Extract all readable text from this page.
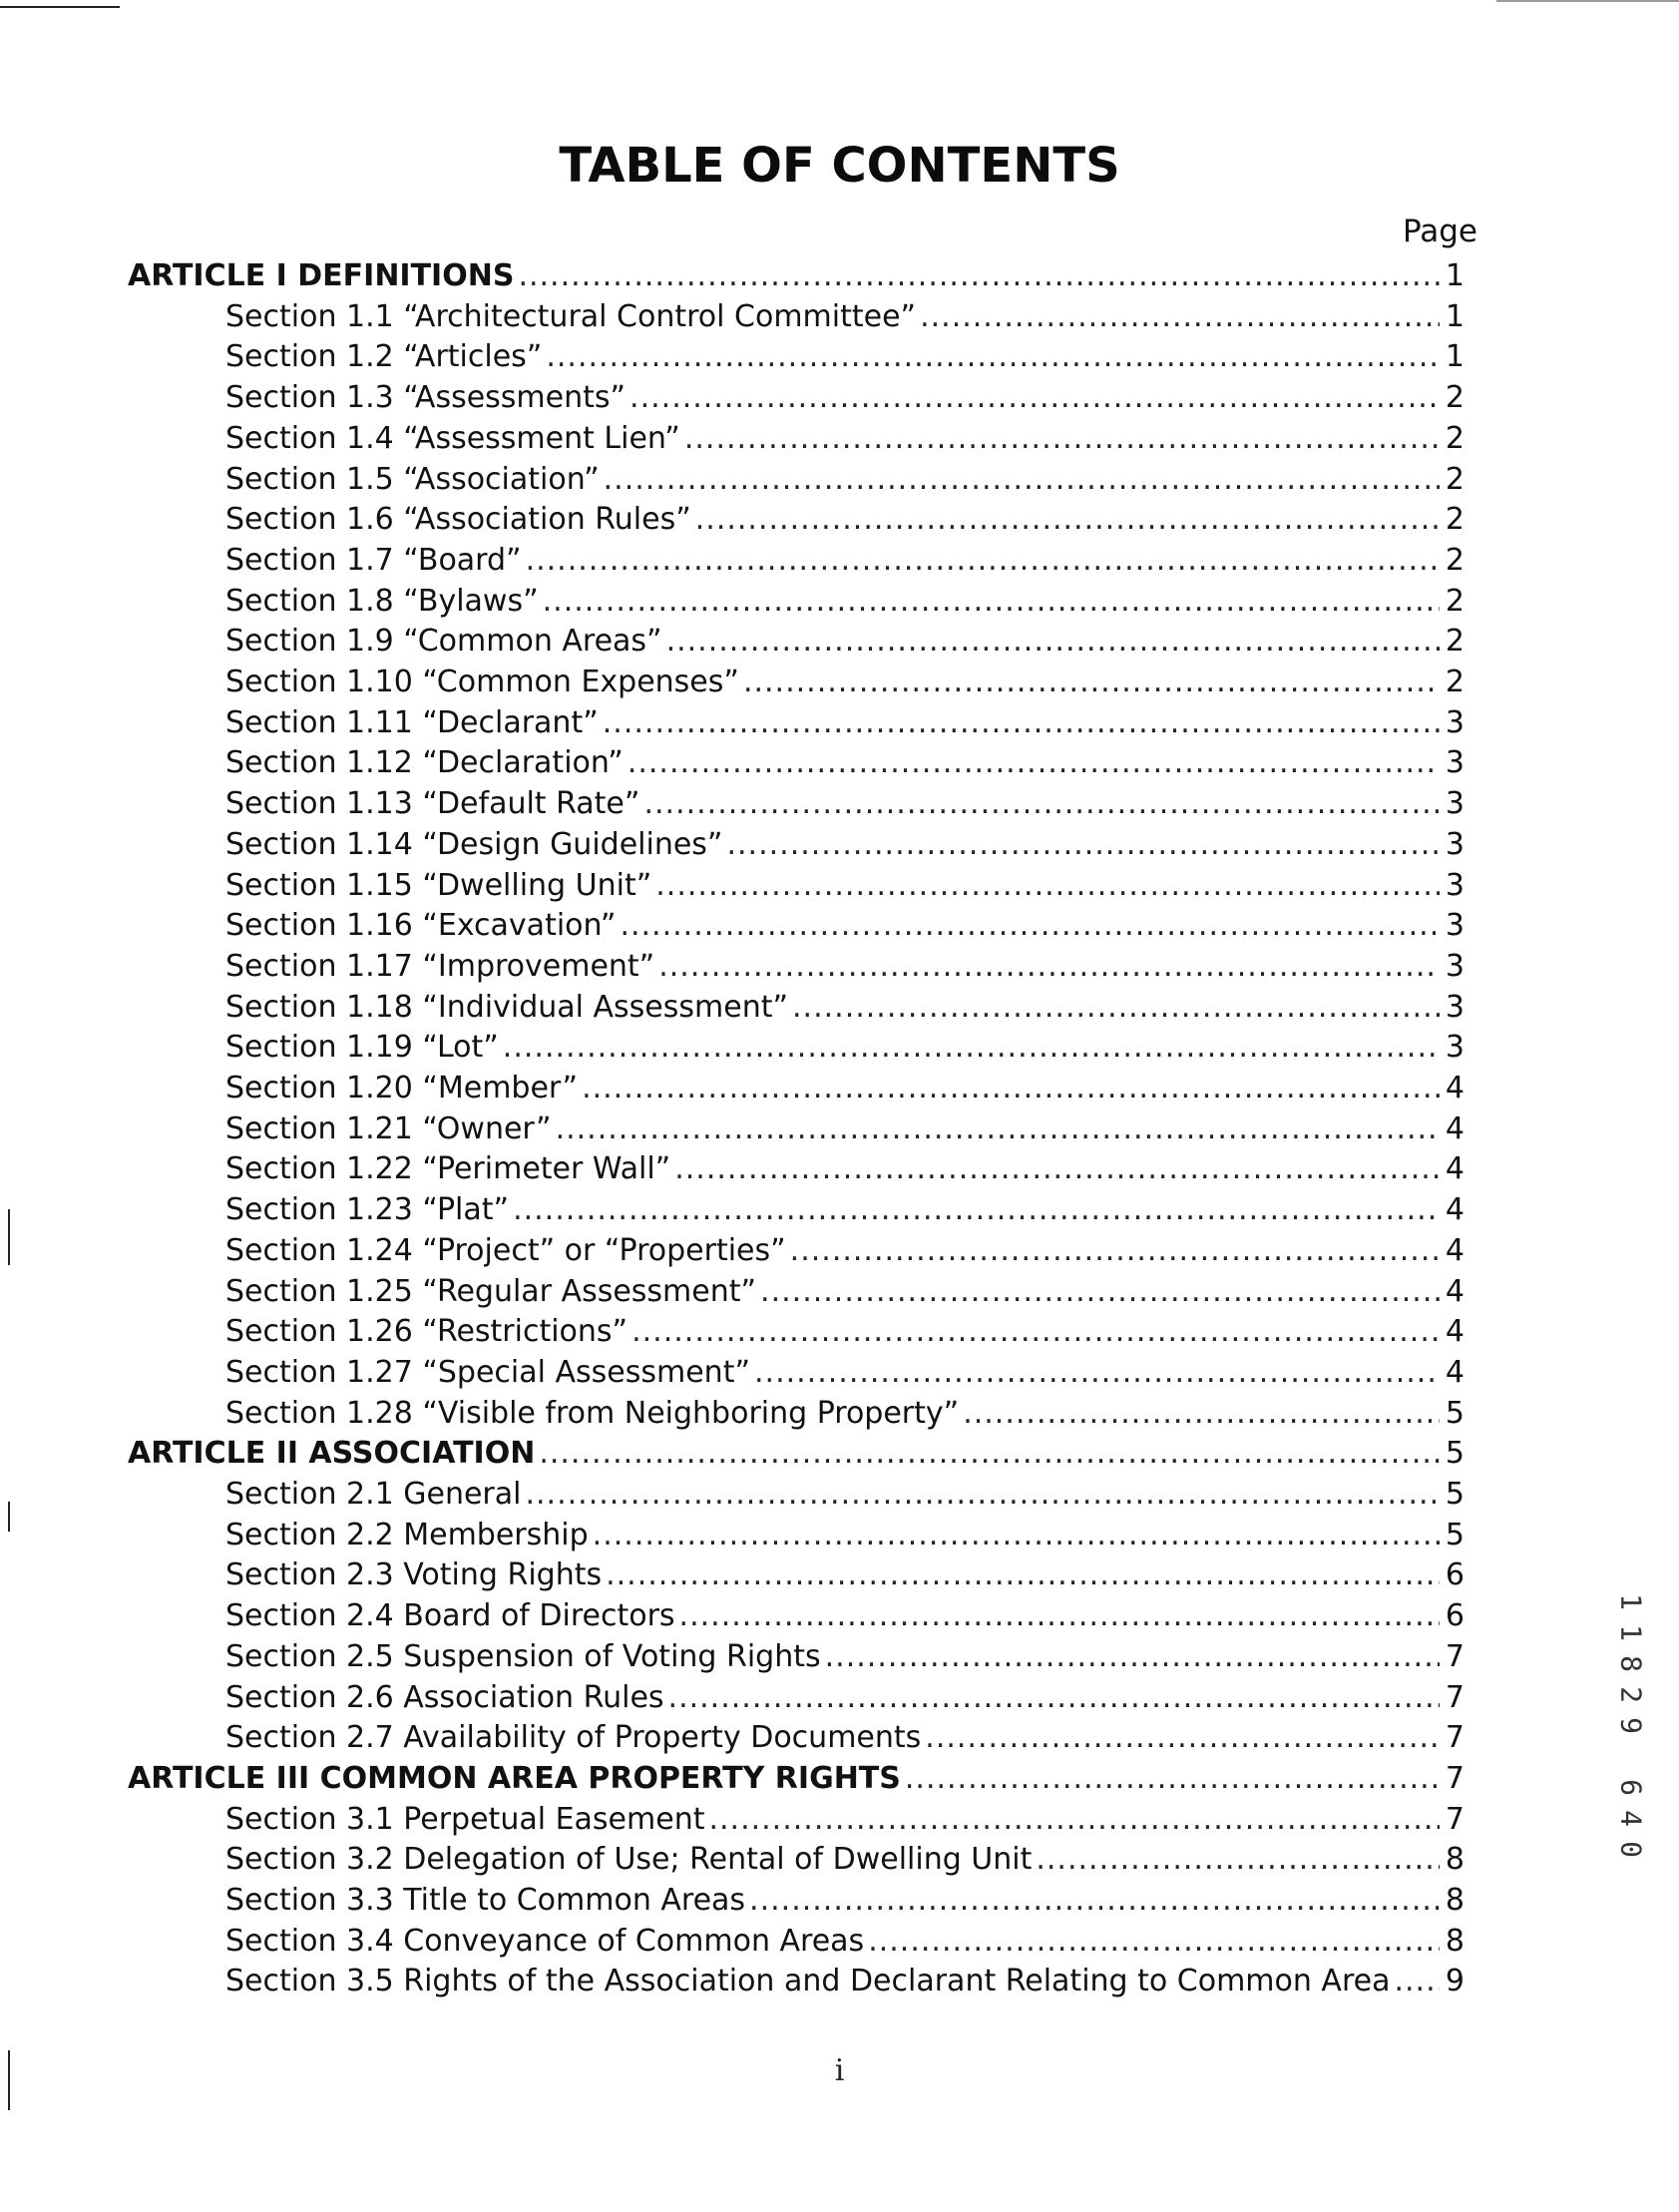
TABLE OF CONTENTS
Page
ARTICLE I DEFINITIONS .....	1
Section 1.1 “Architectural Control Committee” .....	1
Section 1.2 “Articles” .....	1
Section 1.3 “Assessments” .....	2
Section 1.4 “Assessment Lien” .....	2
Section 1.5 “Association” .....	2
Section 1.6 “Association Rules” .....	2
Section 1.7 “Board” .....	2
Section 1.8 “Bylaws” .....	2
Section 1.9 “Common Areas” .....	2
Section 1.10 “Common Expenses” .....	2
Section 1.11 “Declarant” .....	3
Section 1.12 “Declaration” .....	3
Section 1.13 “Default Rate” .....	3
Section 1.14 “Design Guidelines” .....	3
Section 1.15 “Dwelling Unit” .....	3
Section 1.16 “Excavation” .....	3
Section 1.17 “Improvement” .....	3
Section 1.18 “Individual Assessment” .....	3
Section 1.19 “Lot” .....	3
Section 1.20 “Member” .....	4
Section 1.21 “Owner” .....	4
Section 1.22 “Perimeter Wall” .....	4
Section 1.23 “Plat” .....	4
Section 1.24 “Project” or “Properties” .....	4
Section 1.25 “Regular Assessment” .....	4
Section 1.26 “Restrictions” .....	4
Section 1.27 “Special Assessment” .....	4
Section 1.28 “Visible from Neighboring Property” .....	5
ARTICLE II ASSOCIATION .....	5
Section 2.1 General .....	5
Section 2.2 Membership .....	5
Section 2.3 Voting Rights .....	6
Section 2.4 Board of Directors .....	6
Section 2.5 Suspension of Voting Rights .....	7
Section 2.6 Association Rules .....	7
Section 2.7 Availability of Property Documents .....	7
ARTICLE III COMMON AREA PROPERTY RIGHTS .....	7
Section 3.1 Perpetual Easement .....	7
Section 3.2 Delegation of Use; Rental of Dwelling Unit .....	8
Section 3.3 Title to Common Areas .....	8
Section 3.4 Conveyance of Common Areas .....	8
Section 3.5 Rights of the Association and Declarant Relating to Common Area ..... 9
i
1
1
8
2
9

6
4
0
